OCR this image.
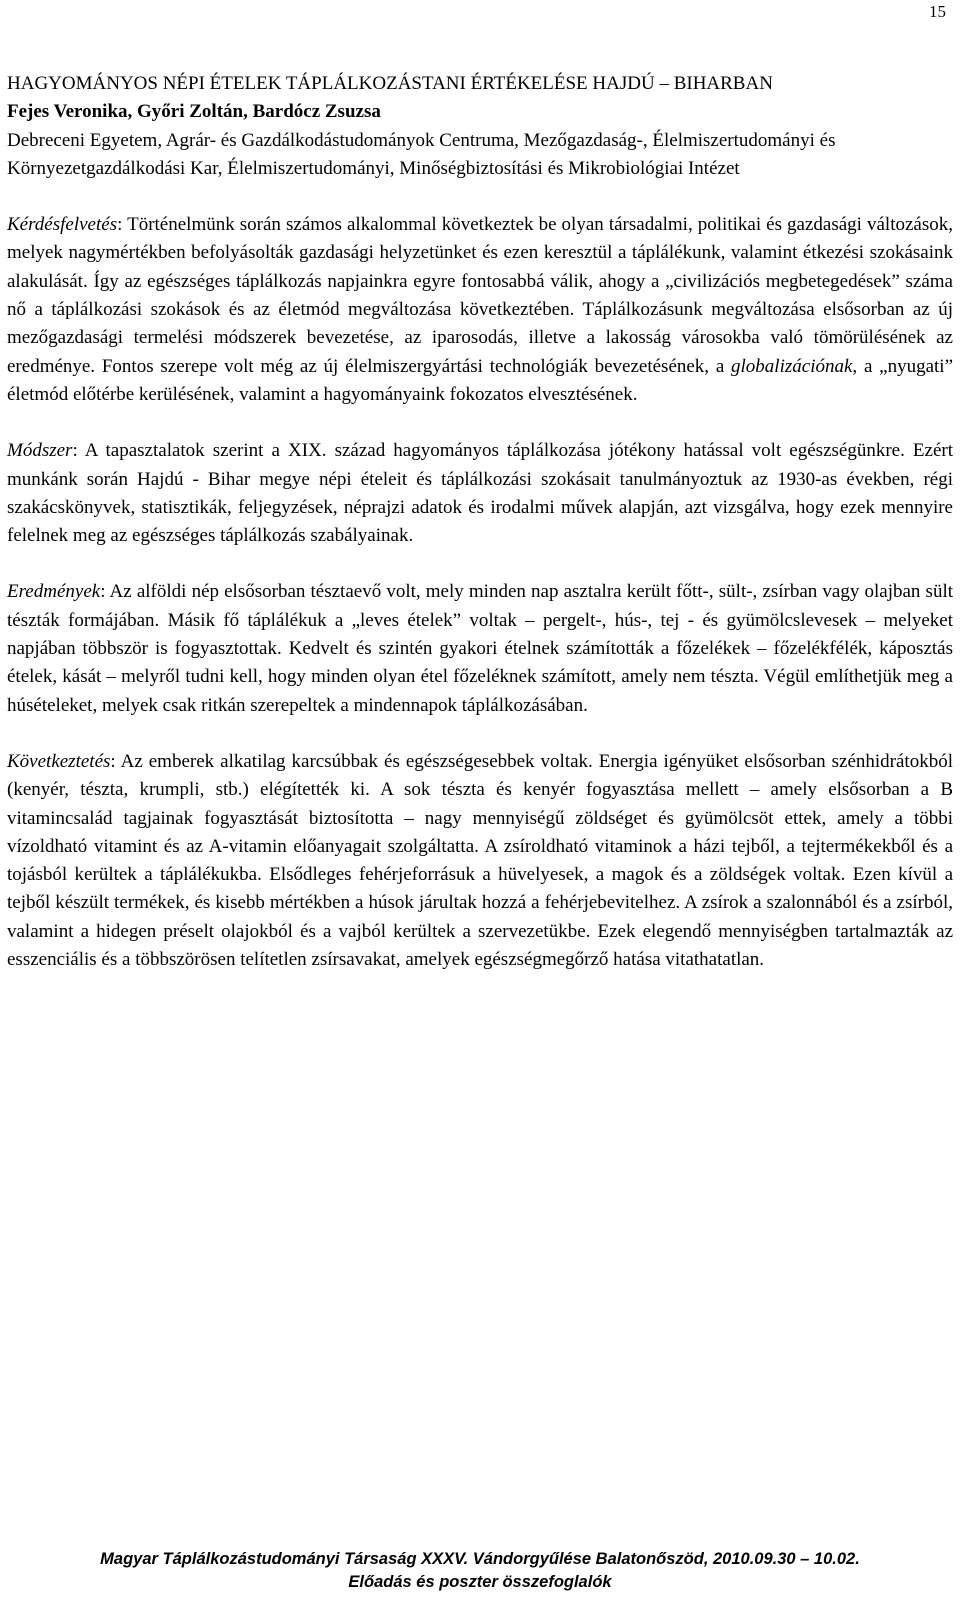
15
HAGYOMÁNYOS NÉPI ÉTELEK TÁPLÁLKOZÁSTANI ÉRTÉKELÉSE HAJDÚ – BIHARBAN
Fejes Veronika, Győri Zoltán, Bardócz Zsuzsa
Debreceni Egyetem, Agrár- és Gazdálkodástudományok Centruma, Mezőgazdaság-, Élelmiszertudományi és Környezetgazdálkodási Kar, Élelmiszertudományi, Minőségbiztosítási és Mikrobiológiai Intézet

Kérdésfelvetés: Történelmünk során számos alkalommal következtek be olyan társadalmi, politikai és gazdasági változások, melyek nagymértékben befolyásolták gazdasági helyzetünket és ezen keresztül a táplálékunk, valamint étkezési szokásaink alakulását. Így az egészséges táplálkozás napjainkra egyre fontosabbá válik, ahogy a „civilizációs megbetegedések” száma nő a táplálkozási szokások és az életmód megváltozása következtében. Táplálkozásunk megváltozása elsősorban az új mezőgazdasági termelési módszerek bevezetése, az iparosodás, illetve a lakosság városokba való tömörülésének az eredménye. Fontos szerepe volt még az új élelmiszergyártási technológiák bevezetésének, a globalizációnak, a „nyugati” életmód előtérbe kerülésének, valamint a hagyományaink fokozatos elvesztésének.

Módszer: A tapasztalatok szerint a XIX. század hagyományos táplálkozása jótékony hatással volt egészségünkre. Ezért munkánk során Hajdú - Bihar megye népi ételeit és táplálkozási szokásait tanulmányoztuk az 1930-as években, régi szakácskönyvek, statisztikák, feljegyzések, néprajzi adatok és irodalmi művek alapján, azt vizsgálva, hogy ezek mennyire felelnek meg az egészséges táplálkozás szabályainak.

Eredmények: Az alföldi nép elsősorban tésztaevő volt, mely minden nap asztalra került főtt-, sült-, zsírban vagy olajban sült tészták formájában. Másik fő táplálékuk a „leves ételek” voltak – pergelt-, hús-, tej - és gyümölcslevesek – melyeket napjában többször is fogyasztottak. Kedvelt és szintén gyakori ételnek számították a főzelékek – főzelékfélék, káposztás ételek, kását – melyről tudni kell, hogy minden olyan étel főzeléknek számított, amely nem tészta. Végül említhetjük meg a húsételeket, melyek csak ritkán szerepeltek a mindennapok táplálkozásában.

Következtetés: Az emberek alkatilag karcsúbbak és egészségesebbek voltak. Energia igényüket elsősorban szénhidrátokból (kenyér, tészta, krumpli, stb.) elégítették ki. A sok tészta és kenyér fogyasztása mellett – amely elsősorban a B vitamincsalád tagjainak fogyasztását biztosította – nagy mennyiségű zöldséget és gyümölcsöt ettek, amely a többi vízoldható vitamint és az A-vitamin előanyagait szolgáltatta. A zsíroldható vitaminok a házi tejből, a tejtermékekből és a tojásból kerültek a táplálékukba. Elsődleges fehérjeforrásuk a hüvelyesek, a magok és a zöldségek voltak. Ezen kívül a tejből készült termékek, és kisebb mértékben a húsok járultak hozzá a fehérjebevitelhez. A zsírok a szalonnából és a zsírból, valamint a hidegen préselt olajokból és a vajból kerültek a szervezetükbe. Ezek elegendő mennyiségben tartalmazták az esszenciális és a többszörösen telítetlen zsírsavakat, amelyek egészségmegőrző hatása vitathatatlan.

Magyar Táplálkozástudományi Társaság XXXV. Vándorgyűlése Balatonőszöd, 2010.09.30 – 10.02.
Előadás és poszter összefoglalók
